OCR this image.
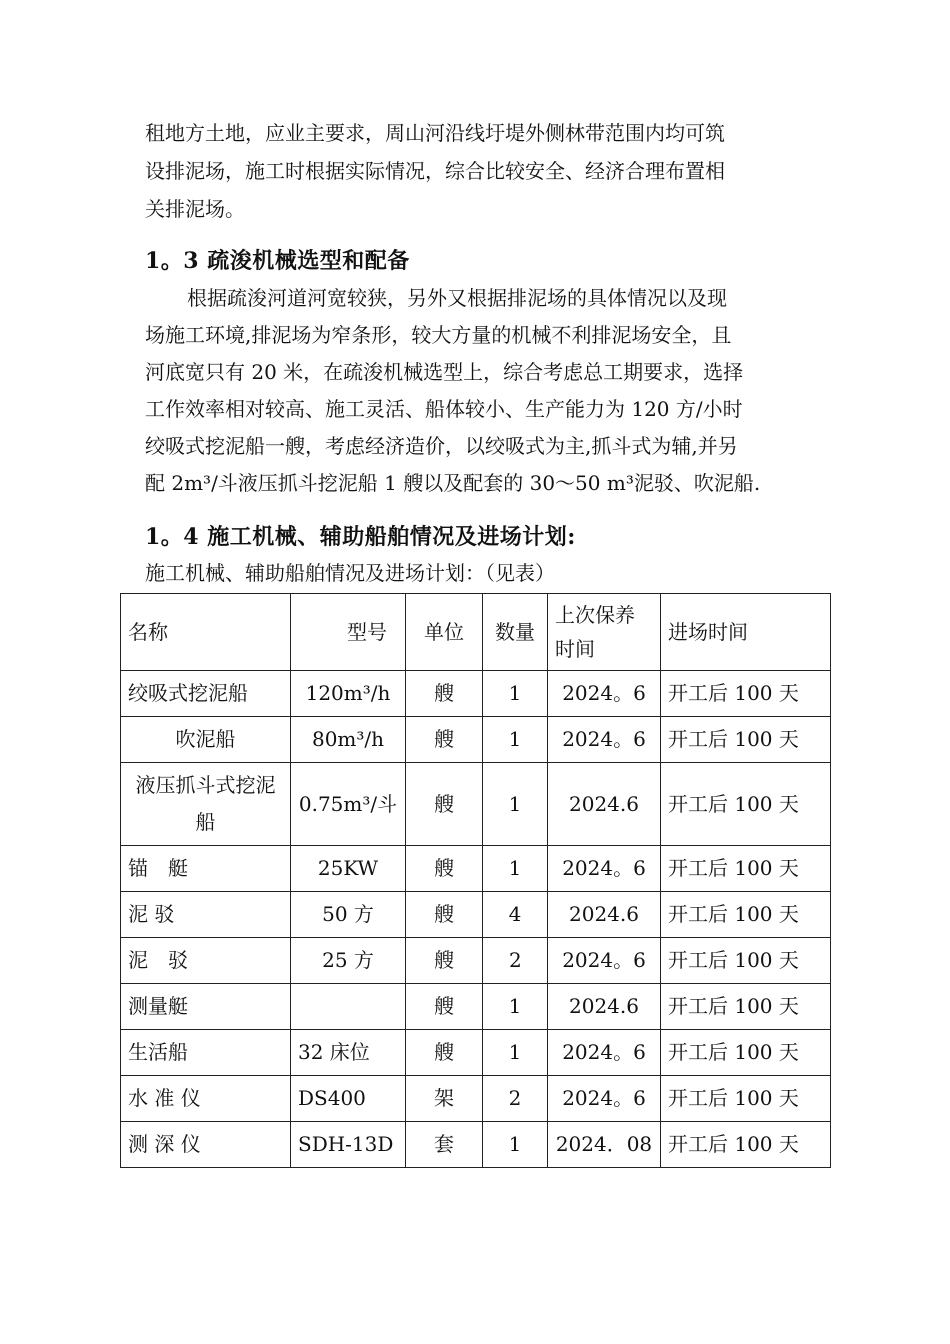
租地方土地，应业主要求，周山河沿线圩堤外侧林带范围内均可筑

设排泥场，施工时根据实际情况，综合比较安全、经济合理布置相

关排泥场。

1。3 疏浚机械选型和配备

根据疏浚河道河宽较狭，另外又根据排泥场的具体情况以及现

场施工环境,排泥场为窄条形，较大方量的机械不利排泥场安全，且

河底宽只有 20 米，在疏浚机械选型上，综合考虑总工期要求，选择

工作效率相对较高、施工灵活、船体较小、生产能力为 120 方/小时

绞吸式挖泥船一艘，考虑经济造价，以绞吸式为主,抓斗式为辅,并另

配 2m³/斗液压抓斗挖泥船 1 艘以及配套的 30～50 m³泥驳、吹泥船.

1。4 施工机械、辅助船舶情况及进场计划:

施工机械、辅助船舶情况及进场计划：（见表）

名称	型号	单位	数量	上次保养时间	进场时间
绞吸式挖泥船	120m³/h	艘	1	2024。6	开工后 100 天
吹泥船	80m³/h	艘	1	2024。6	开工后 100 天
液压抓斗式挖泥船	0.75m³/斗	艘	1	2024.6	开工后 100 天
锚　艇	25KW	艘	1	2024。6	开工后 100 天
泥 驳	50 方	艘	4	2024.6	开工后 100 天
泥　驳	25 方	艘	2	2024。6	开工后 100 天
测量艇		艘	1	2024.6	开工后 100 天
生活船	32 床位	艘	1	2024。6	开工后 100 天
水 准 仪	DS400	架	2	2024。6	开工后 100 天
测 深 仪	SDH-13D	套	1	2024．08	开工后 100 天
